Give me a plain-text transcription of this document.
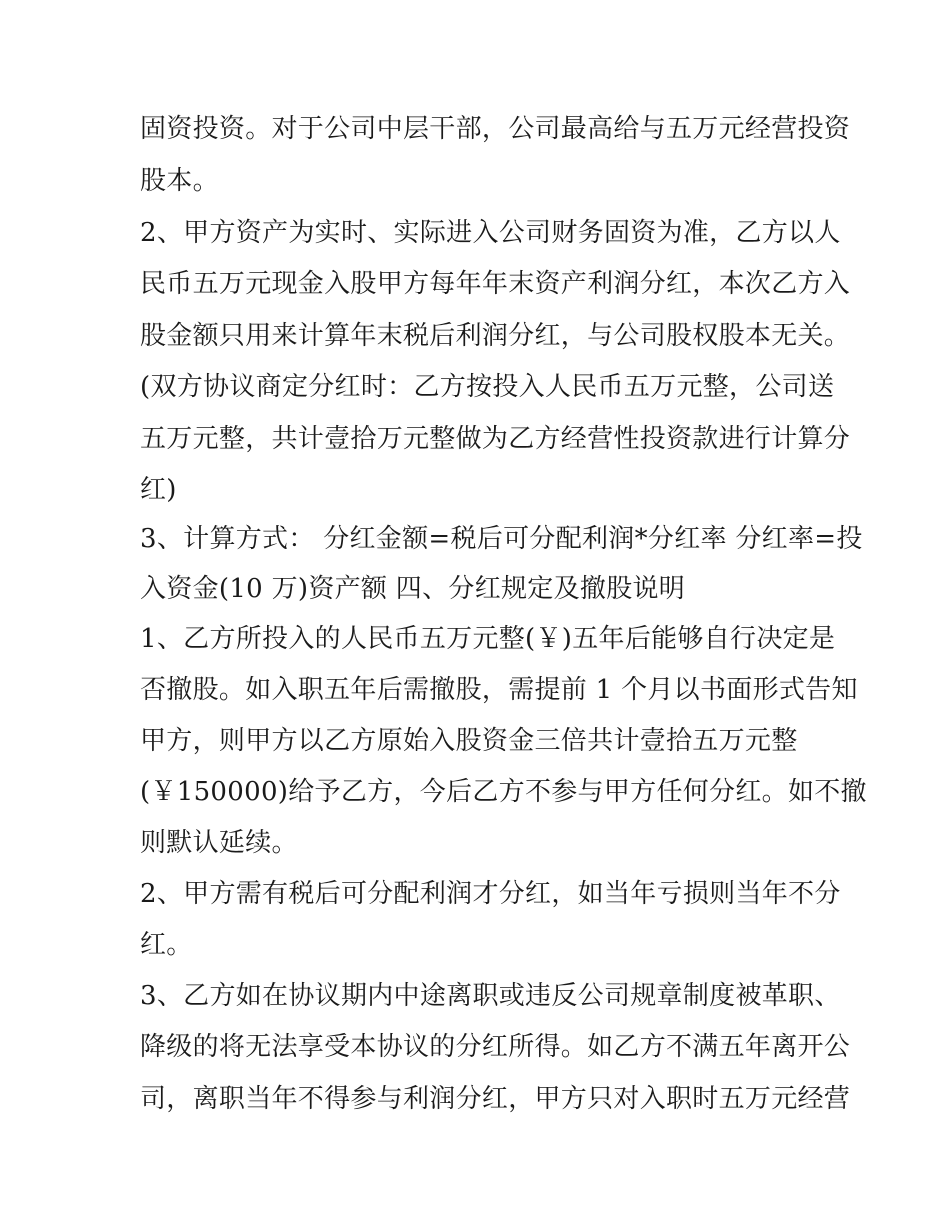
固资投资。对于公司中层干部，公司最高给与五万元经营投资
股本。
2、甲方资产为实时、实际进入公司财务固资为准，乙方以人
民币五万元现金入股甲方每年年末资产利润分红，本次乙方入
股金额只用来计算年末税后利润分红，与公司股权股本无关。
(双方协议商定分红时：乙方按投入人民币五万元整，公司送
五万元整，共计壹拾万元整做为乙方经营性投资款进行计算分
红)
3、计算方式： 分红金额=税后可分配利润*分红率 分红率=投
入资金(10 万)资产额 四、分红规定及撤股说明
1、乙方所投入的人民币五万元整(￥)五年后能够自行决定是
否撤股。如入职五年后需撤股，需提前 1 个月以书面形式告知
甲方，则甲方以乙方原始入股资金三倍共计壹拾五万元整
(￥150000)给予乙方，今后乙方不参与甲方任何分红。如不撤
则默认延续。
2、甲方需有税后可分配利润才分红，如当年亏损则当年不分
红。
3、乙方如在协议期内中途离职或违反公司规章制度被革职、
降级的将无法享受本协议的分红所得。如乙方不满五年离开公
司，离职当年不得参与利润分红，甲方只对入职时五万元经营
